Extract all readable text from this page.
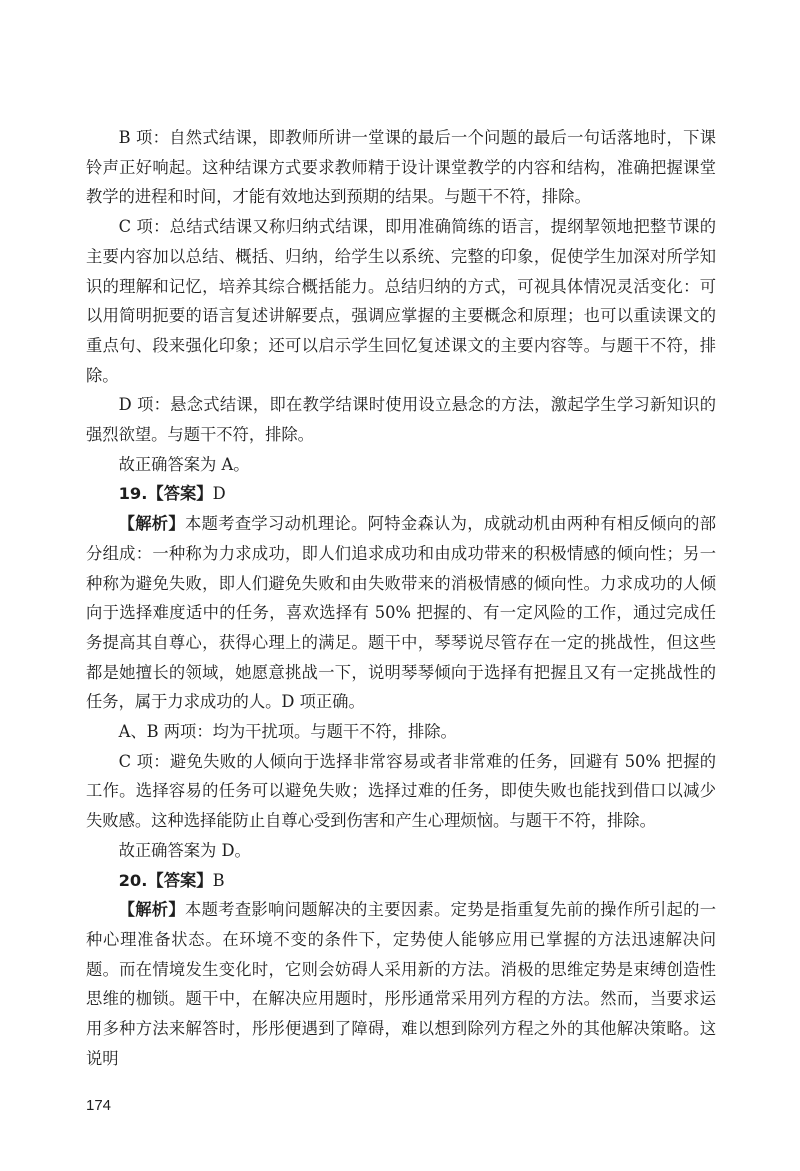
B 项：自然式结课，即教师所讲一堂课的最后一个问题的最后一句话落地时，下课铃声正好响起。这种结课方式要求教师精于设计课堂教学的内容和结构，准确把握课堂教学的进程和时间，才能有效地达到预期的结果。与题干不符，排除。

C 项：总结式结课又称归纳式结课，即用准确简练的语言，提纲挈领地把整节课的主要内容加以总结、概括、归纳，给学生以系统、完整的印象，促使学生加深对所学知识的理解和记忆，培养其综合概括能力。总结归纳的方式，可视具体情况灵活变化：可以用简明扼要的语言复述讲解要点，强调应掌握的主要概念和原理；也可以重读课文的重点句、段来强化印象；还可以启示学生回忆复述课文的主要内容等。与题干不符，排除。

D 项：悬念式结课，即在教学结课时使用设立悬念的方法，激起学生学习新知识的强烈欲望。与题干不符，排除。

故正确答案为 A。

19.【答案】D

【解析】本题考查学习动机理论。阿特金森认为，成就动机由两种有相反倾向的部分组成：一种称为力求成功，即人们追求成功和由成功带来的积极情感的倾向性；另一种称为避免失败，即人们避免失败和由失败带来的消极情感的倾向性。力求成功的人倾向于选择难度适中的任务，喜欢选择有 50% 把握的、有一定风险的工作，通过完成任务提高其自尊心，获得心理上的满足。题干中，琴琴说尽管存在一定的挑战性，但这些都是她擅长的领域，她愿意挑战一下，说明琴琴倾向于选择有把握且又有一定挑战性的任务，属于力求成功的人。D 项正确。

A、B 两项：均为干扰项。与题干不符，排除。

C 项：避免失败的人倾向于选择非常容易或者非常难的任务，回避有 50% 把握的工作。选择容易的任务可以避免失败；选择过难的任务，即使失败也能找到借口以减少失败感。这种选择能防止自尊心受到伤害和产生心理烦恼。与题干不符，排除。

故正确答案为 D。

20.【答案】B

【解析】本题考查影响问题解决的主要因素。定势是指重复先前的操作所引起的一种心理准备状态。在环境不变的条件下，定势使人能够应用已掌握的方法迅速解决问题。而在情境发生变化时，它则会妨碍人采用新的方法。消极的思维定势是束缚创造性思维的枷锁。题干中，在解决应用题时，彤彤通常采用列方程的方法。然而，当要求运用多种方法来解答时，彤彤便遇到了障碍，难以想到除列方程之外的其他解决策略。这说明

174
